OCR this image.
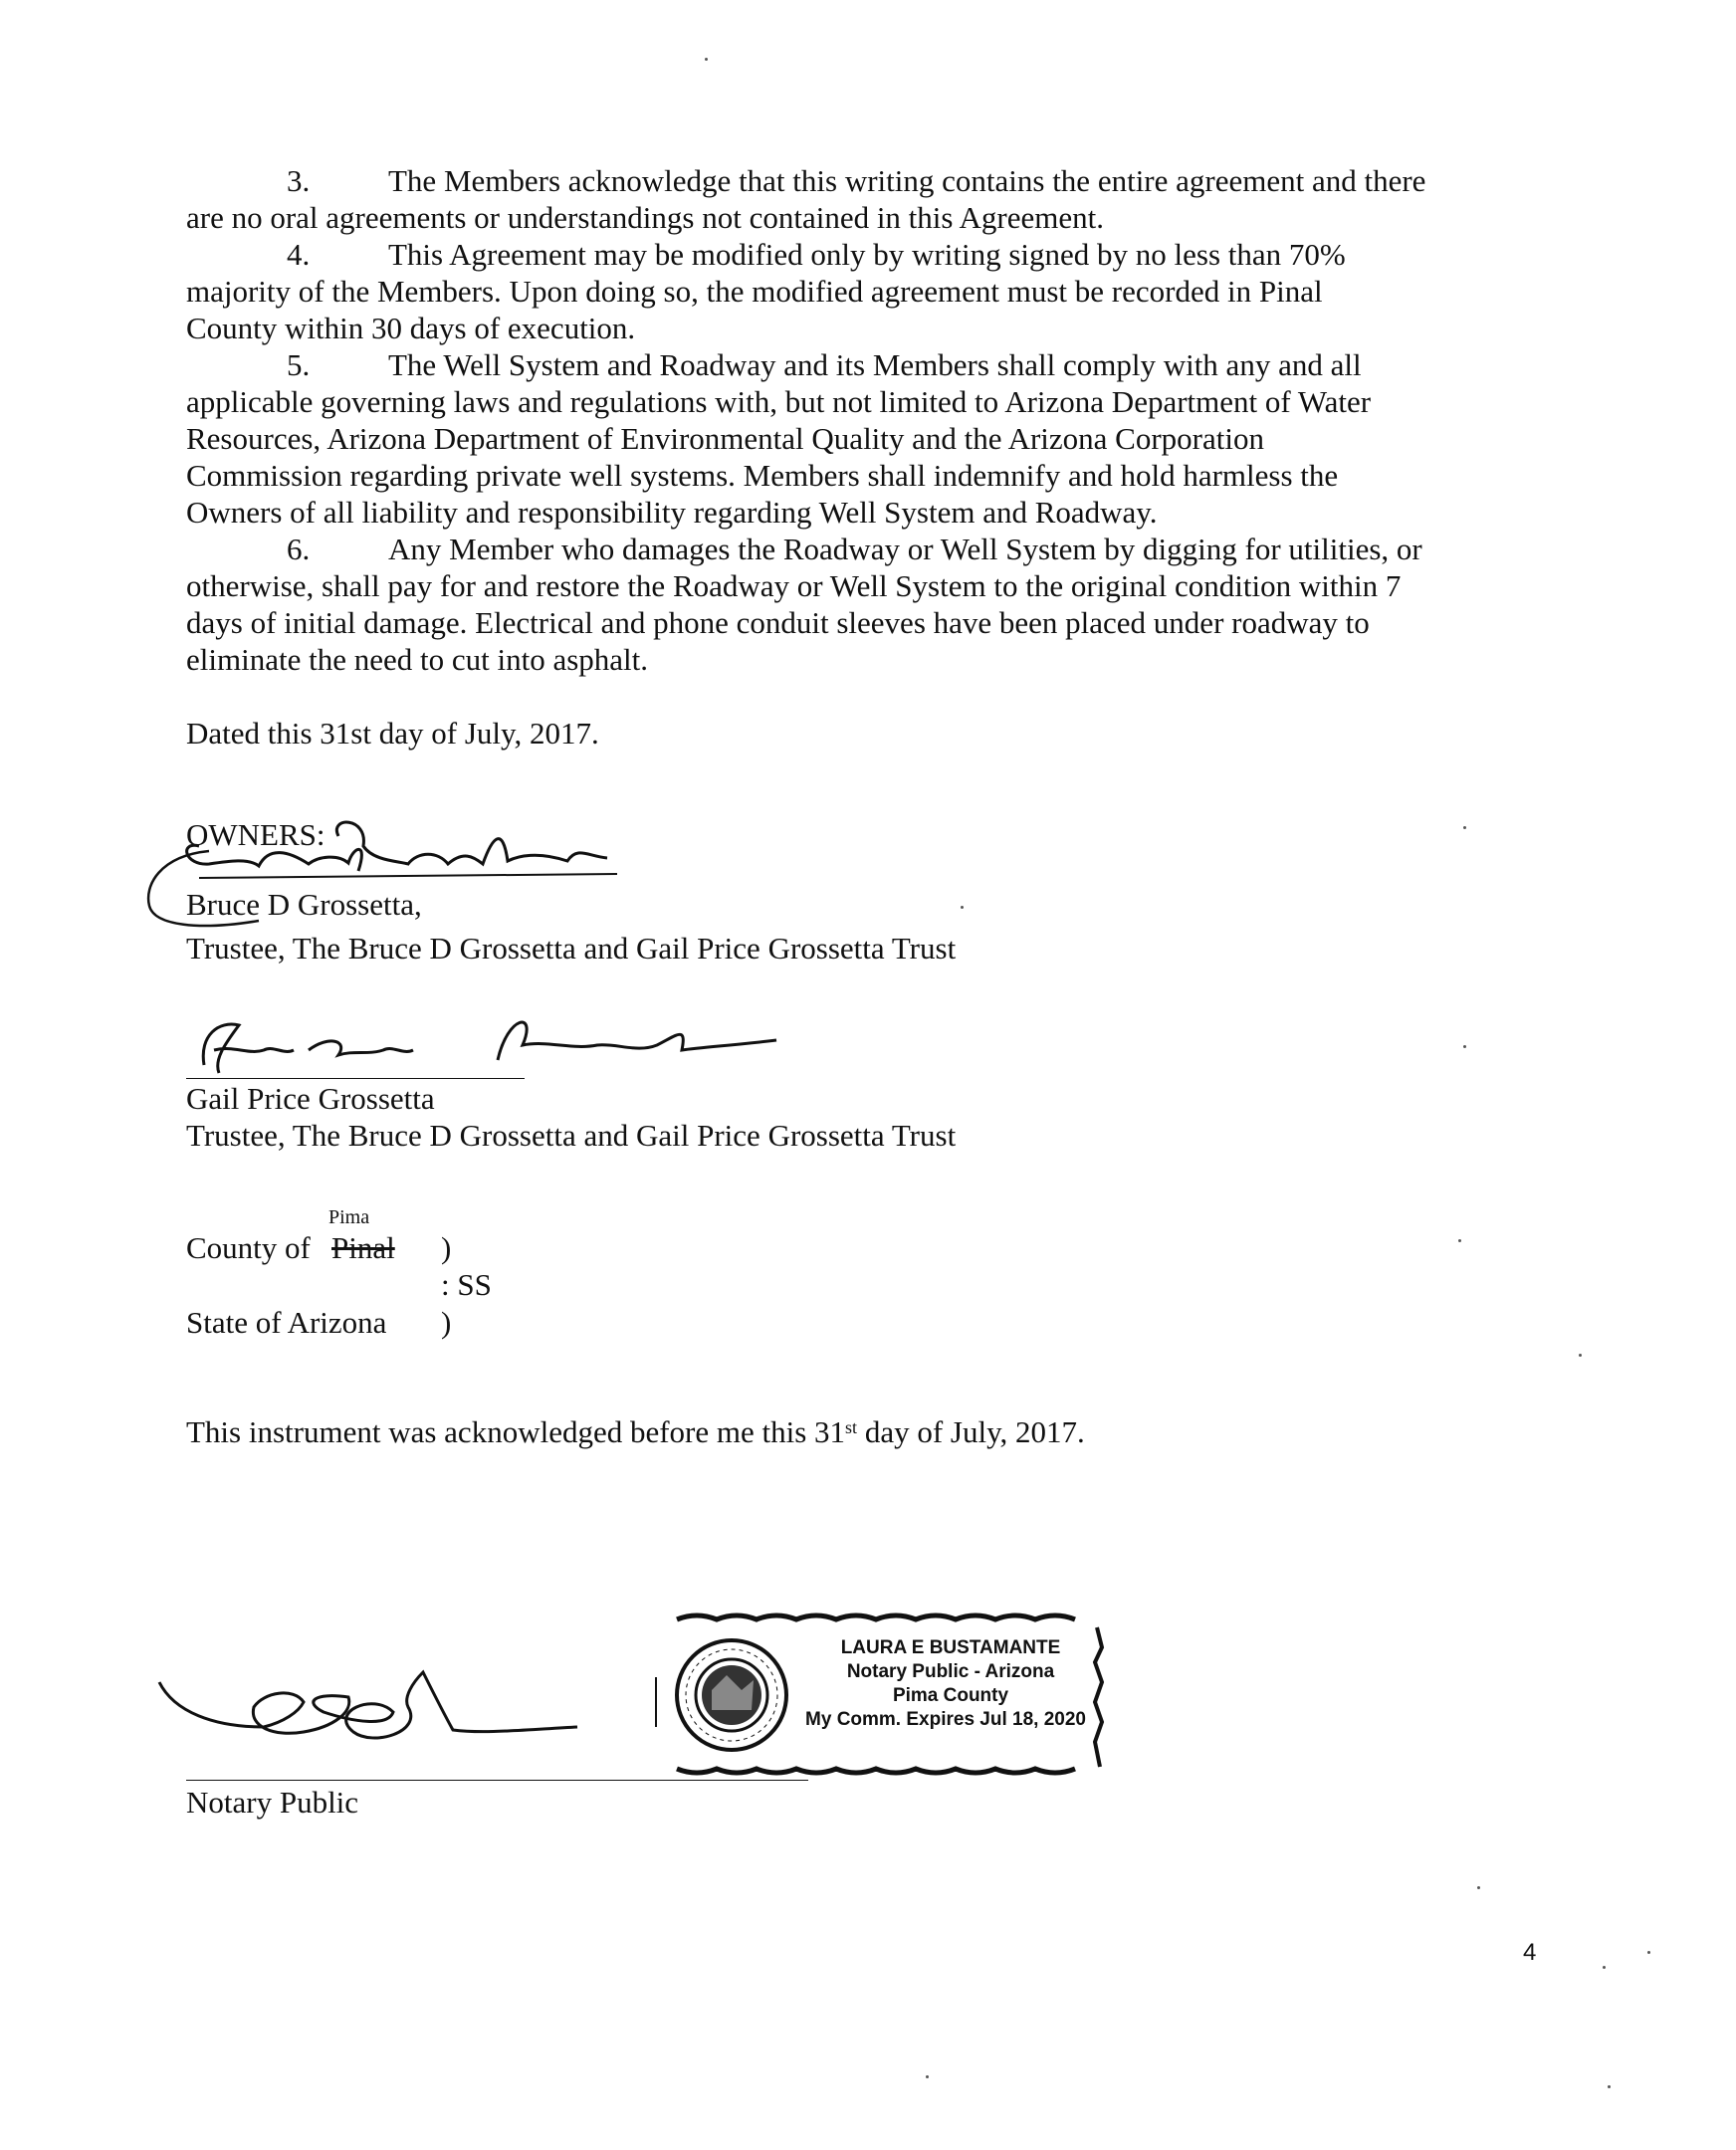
3.	The Members acknowledge that this writing contains the entire agreement and there
are no oral agreements or understandings not contained in this Agreement.
4.	This Agreement may be modified only by writing signed by no less than 70%
majority of the Members. Upon doing so, the modified agreement must be recorded in Pinal
County within 30 days of execution.
5.	The Well System and Roadway and its Members shall comply with any and all
applicable governing laws and regulations with, but not limited to Arizona Department of Water
Resources, Arizona Department of Environmental Quality and the Arizona Corporation
Commission regarding private well systems. Members shall indemnify and hold harmless the
Owners of all liability and responsibility regarding Well System and Roadway.
6.	Any Member who damages the Roadway or Well System by digging for utilities, or
otherwise, shall pay for and restore the Roadway or Well System to the original condition within 7
days of initial damage. Electrical and phone conduit sleeves have been placed under roadway to
eliminate the need to cut into asphalt.
Dated this 31st day of July, 2017.
OWNERS:
Bruce D Grossetta,
Trustee, The Bruce D Grossetta and Gail Price Grossetta Trust
Gail Price Grossetta
Trustee, The Bruce D Grossetta and Gail Price Grossetta Trust
Pima
County of Pinal )
: SS
State of Arizona )
This instrument was acknowledged before me this 31st day of July, 2017.
Notary Public
LAURA E BUSTAMANTE
Notary Public - Arizona
Pima County
My Comm. Expires Jul 18, 2020
4
